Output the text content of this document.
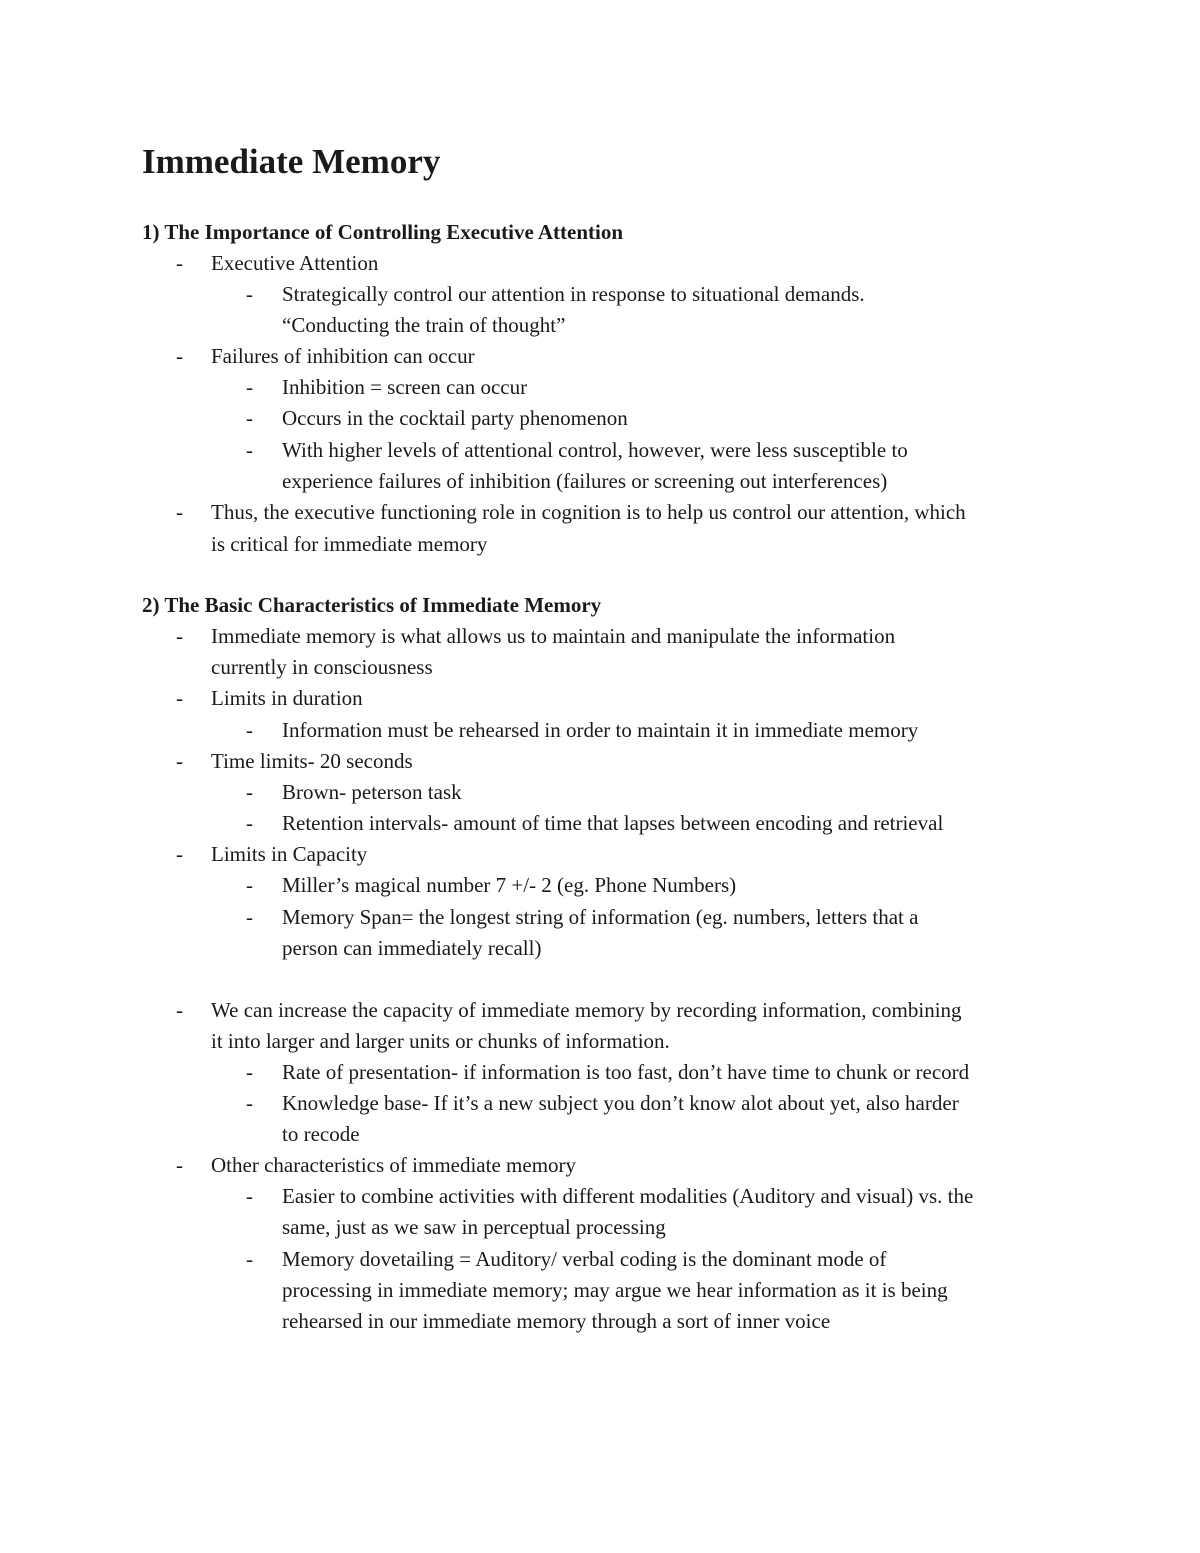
Immediate Memory
1) The Importance of Controlling Executive Attention
- Executive Attention
- Strategically control our attention in response to situational demands.
“Conducting the train of thought”
- Failures of inhibition can occur
- Inhibition = screen can occur
- Occurs in the cocktail party phenomenon
- With higher levels of attentional control, however, were less susceptible to
experience failures of inhibition (failures or screening out interferences)
- Thus, the executive functioning role in cognition is to help us control our attention, which
is critical for immediate memory
2) The Basic Characteristics of Immediate Memory
- Immediate memory is what allows us to maintain and manipulate the information
currently in consciousness
- Limits in duration
- Information must be rehearsed in order to maintain it in immediate memory
- Time limits- 20 seconds
- Brown- peterson task
- Retention intervals- amount of time that lapses between encoding and retrieval
- Limits in Capacity
- Miller’s magical number 7 +/- 2 (eg. Phone Numbers)
- Memory Span= the longest string of information (eg. numbers, letters that a
person can immediately recall)
- We can increase the capacity of immediate memory by recording information, combining
it into larger and larger units or chunks of information.
- Rate of presentation- if information is too fast, don’t have time to chunk or record
- Knowledge base- If it’s a new subject you don’t know alot about yet, also harder
to recode
- Other characteristics of immediate memory
- Easier to combine activities with different modalities (Auditory and visual) vs. the
same, just as we saw in perceptual processing
- Memory dovetailing = Auditory/ verbal coding is the dominant mode of
processing in immediate memory; may argue we hear information as it is being
rehearsed in our immediate memory through a sort of inner voice
